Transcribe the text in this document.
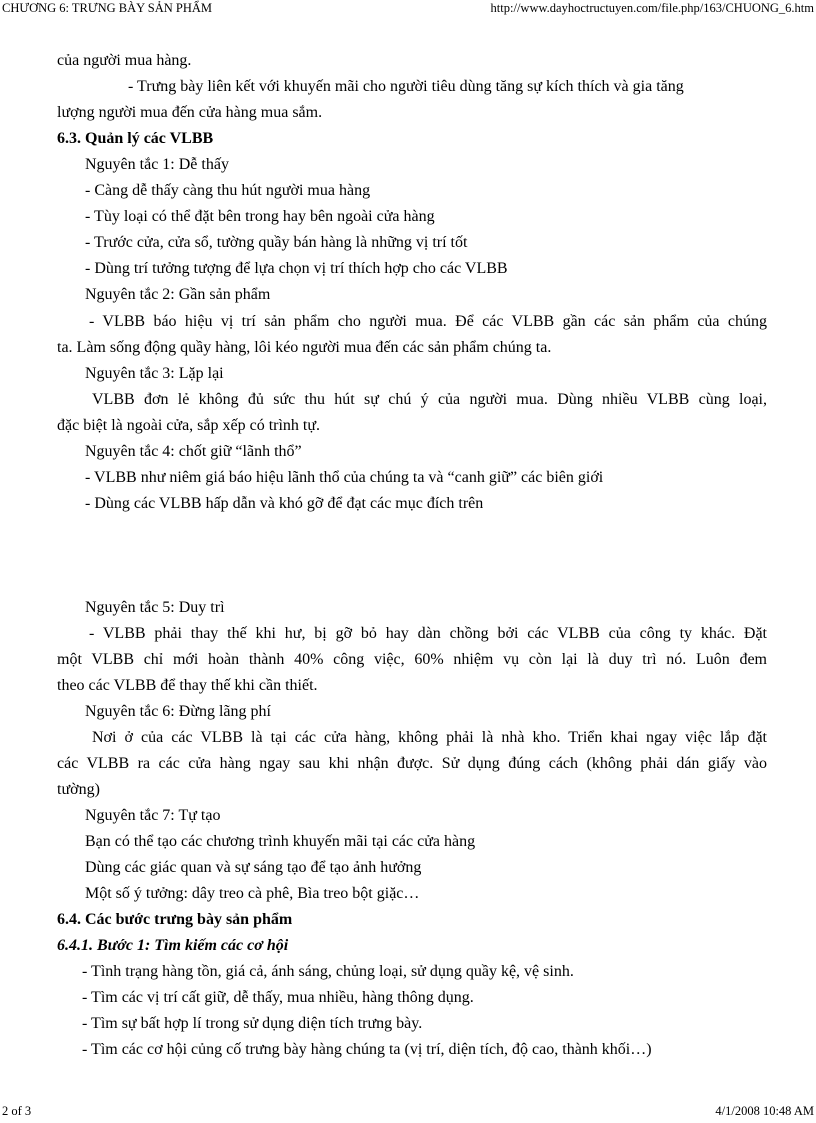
CHƯƠNG 6: TRƯNG BÀY SẢN PHẨM	http://www.dayhoctructuyen.com/file.php/163/CHUONG_6.htm
của người mua hàng.
- Trưng bày liên kết với khuyến mãi cho người tiêu dùng tăng sự kích thích và gia tăng
lượng người mua đến cửa hàng mua sắm.
6.3. Quản lý các VLBB
Nguyên tắc 1: Dễ thấy
- Càng dễ thấy càng thu hút người mua hàng
- Tùy loại có thể đặt bên trong hay bên ngoài cửa hàng
- Trước cửa, cửa sổ, tường quầy bán hàng là những vị trí tốt
- Dùng trí tưởng tượng để lựa chọn vị trí thích hợp cho các VLBB
Nguyên tắc 2: Gần sản phẩm
- VLBB báo hiệu vị trí sản phẩm cho người mua. Để các VLBB gần các sản phẩm của chúng
ta. Làm sống động quầy hàng, lôi kéo người mua đến các sản phẩm chúng ta.
Nguyên tắc 3: Lặp lại
VLBB đơn lẻ không đủ sức thu hút sự chú ý của người mua. Dùng nhiều VLBB cùng loại,
đặc biệt là ngoài cửa, sắp xếp có trình tự.
Nguyên tắc 4: chốt giữ “lãnh thổ”
- VLBB như niêm giá báo hiệu lãnh thổ của chúng ta và “canh giữ” các biên giới
- Dùng các VLBB hấp dẫn và khó gỡ để đạt các mục đích trên
Nguyên tắc 5: Duy trì
- VLBB phải thay thế khi hư, bị gỡ bỏ hay dàn chồng bởi các VLBB của công ty khác. Đặt
một VLBB chỉ mới hoàn thành 40% công việc, 60% nhiệm vụ còn lại là duy trì nó. Luôn đem
theo các VLBB để thay thế khi cần thiết.
Nguyên tắc 6: Đừng lãng phí
Nơi ở của các VLBB là tại các cửa hàng, không phải là nhà kho. Triển khai ngay việc lắp đặt
các VLBB ra các cửa hàng ngay sau khi nhận được. Sử dụng đúng cách (không phải dán giấy vào
tường)
Nguyên tắc 7: Tự tạo
Bạn có thể tạo các chương trình khuyến mãi tại các cửa hàng
Dùng các giác quan và sự sáng tạo để tạo ảnh hưởng
Một số ý tưởng: dây treo cà phê, Bìa treo bột giặc…
6.4. Các bước trưng bày sản phẩm
6.4.1. Bước 1: Tìm kiếm các cơ hội
- Tình trạng hàng tồn, giá cả, ánh sáng, chủng loại, sử dụng quầy kệ, vệ sinh.
- Tìm các vị trí cất giữ, dễ thấy, mua nhiều, hàng thông dụng.
- Tìm sự bất hợp lí trong sử dụng diện tích trưng bày.
- Tìm các cơ hội củng cố trưng bày hàng chúng ta (vị trí, diện tích, độ cao, thành khối…)
2 of 3	4/1/2008 10:48 AM
